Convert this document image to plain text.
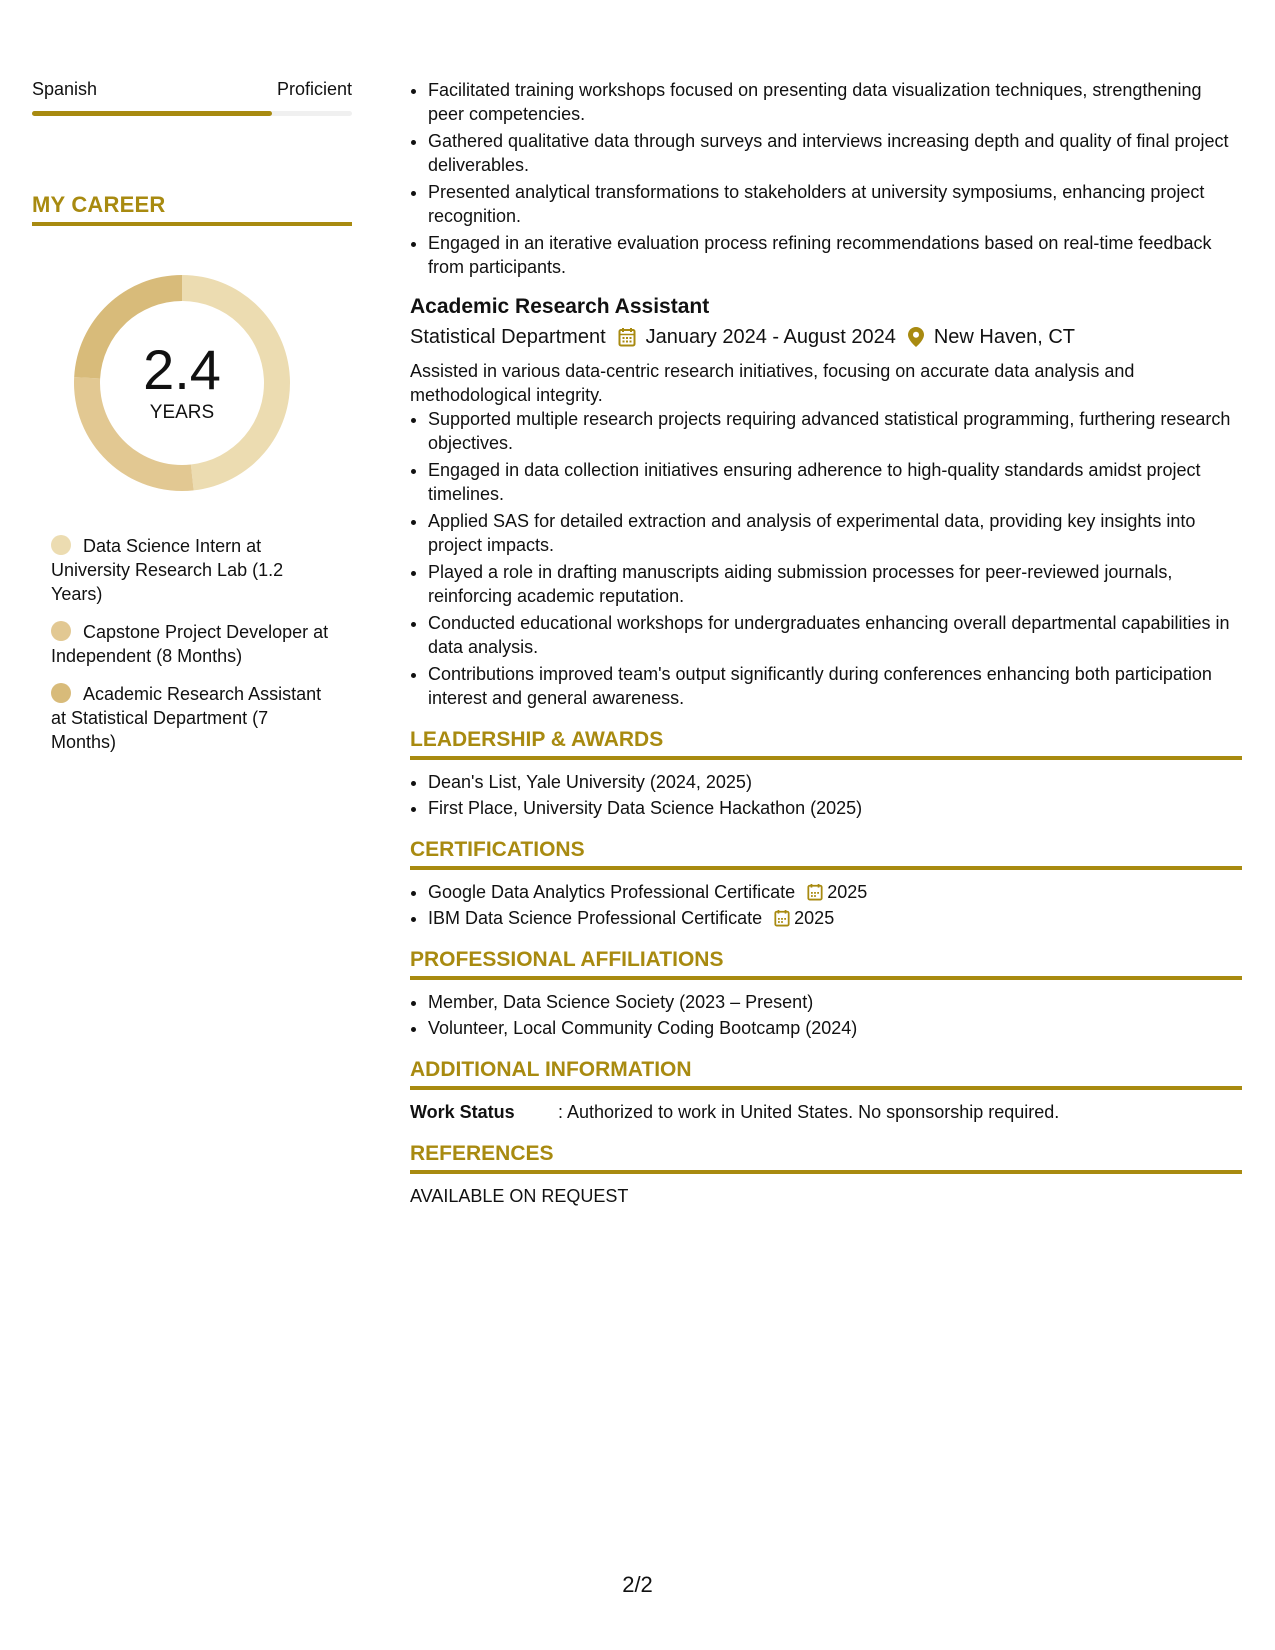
Spanish	Proficient
MY CAREER
2.4
YEARS
Data Science Intern at University Research Lab (1.2 Years)
Capstone Project Developer at Independent (8 Months)
Academic Research Assistant at Statistical Department (7 Months)
• Facilitated training workshops focused on presenting data visualization techniques, strengthening peer competencies.
• Gathered qualitative data through surveys and interviews increasing depth and quality of final project deliverables.
• Presented analytical transformations to stakeholders at university symposiums, enhancing project recognition.
• Engaged in an iterative evaluation process refining recommendations based on real-time feedback from participants.
Academic Research Assistant
Statistical Department January 2024 - August 2024 New Haven, CT
Assisted in various data-centric research initiatives, focusing on accurate data analysis and methodological integrity.
• Supported multiple research projects requiring advanced statistical programming, furthering research objectives.
• Engaged in data collection initiatives ensuring adherence to high-quality standards amidst project timelines.
• Applied SAS for detailed extraction and analysis of experimental data, providing key insights into project impacts.
• Played a role in drafting manuscripts aiding submission processes for peer-reviewed journals, reinforcing academic reputation.
• Conducted educational workshops for undergraduates enhancing overall departmental capabilities in data analysis.
• Contributions improved team's output significantly during conferences enhancing both participation interest and general awareness.
LEADERSHIP & AWARDS
• Dean's List, Yale University (2024, 2025)
• First Place, University Data Science Hackathon (2025)
CERTIFICATIONS
• Google Data Analytics Professional Certificate 2025
• IBM Data Science Professional Certificate 2025
PROFESSIONAL AFFILIATIONS
• Member, Data Science Society (2023 – Present)
• Volunteer, Local Community Coding Bootcamp (2024)
ADDITIONAL INFORMATION
Work Status	: Authorized to work in United States. No sponsorship required.
REFERENCES
AVAILABLE ON REQUEST
2/2
